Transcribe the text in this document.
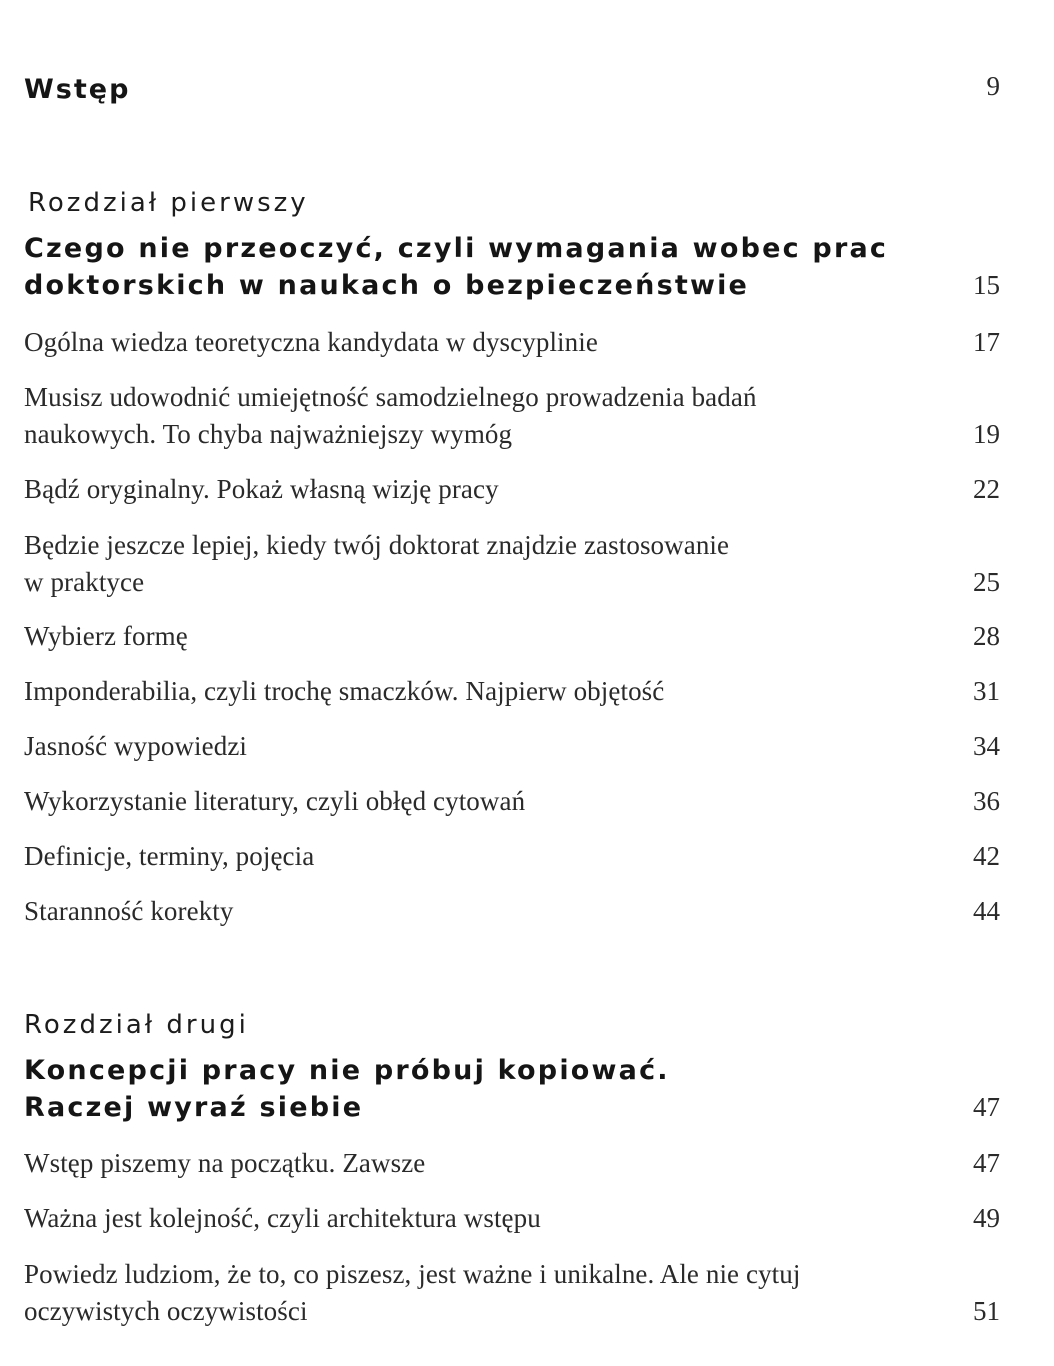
Wstęp	9
Rozdział pierwszy
Czego nie przeoczyć, czyli wymagania wobec prac
doktorskich w naukach o bezpieczeństwie	15
Ogólna wiedza teoretyczna kandydata w dyscyplinie	17
Musisz udowodnić umiejętność samodzielnego prowadzenia badań
naukowych. To chyba najważniejszy wymóg	19
Bądź oryginalny. Pokaż własną wizję pracy	22
Będzie jeszcze lepiej, kiedy twój doktorat znajdzie zastosowanie
w praktyce	25
Wybierz formę	28
Imponderabilia, czyli trochę smaczków. Najpierw objętość	31
Jasność wypowiedzi	34
Wykorzystanie literatury, czyli obłęd cytowań	36
Definicje, terminy, pojęcia	42
Staranność korekty	44
Rozdział drugi
Koncepcji pracy nie próbuj kopiować.
Raczej wyraź siebie	47
Wstęp piszemy na początku. Zawsze	47
Ważna jest kolejność, czyli architektura wstępu	49
Powiedz ludziom, że to, co piszesz, jest ważne i unikalne. Ale nie cytuj
oczywistych oczywistości	51
